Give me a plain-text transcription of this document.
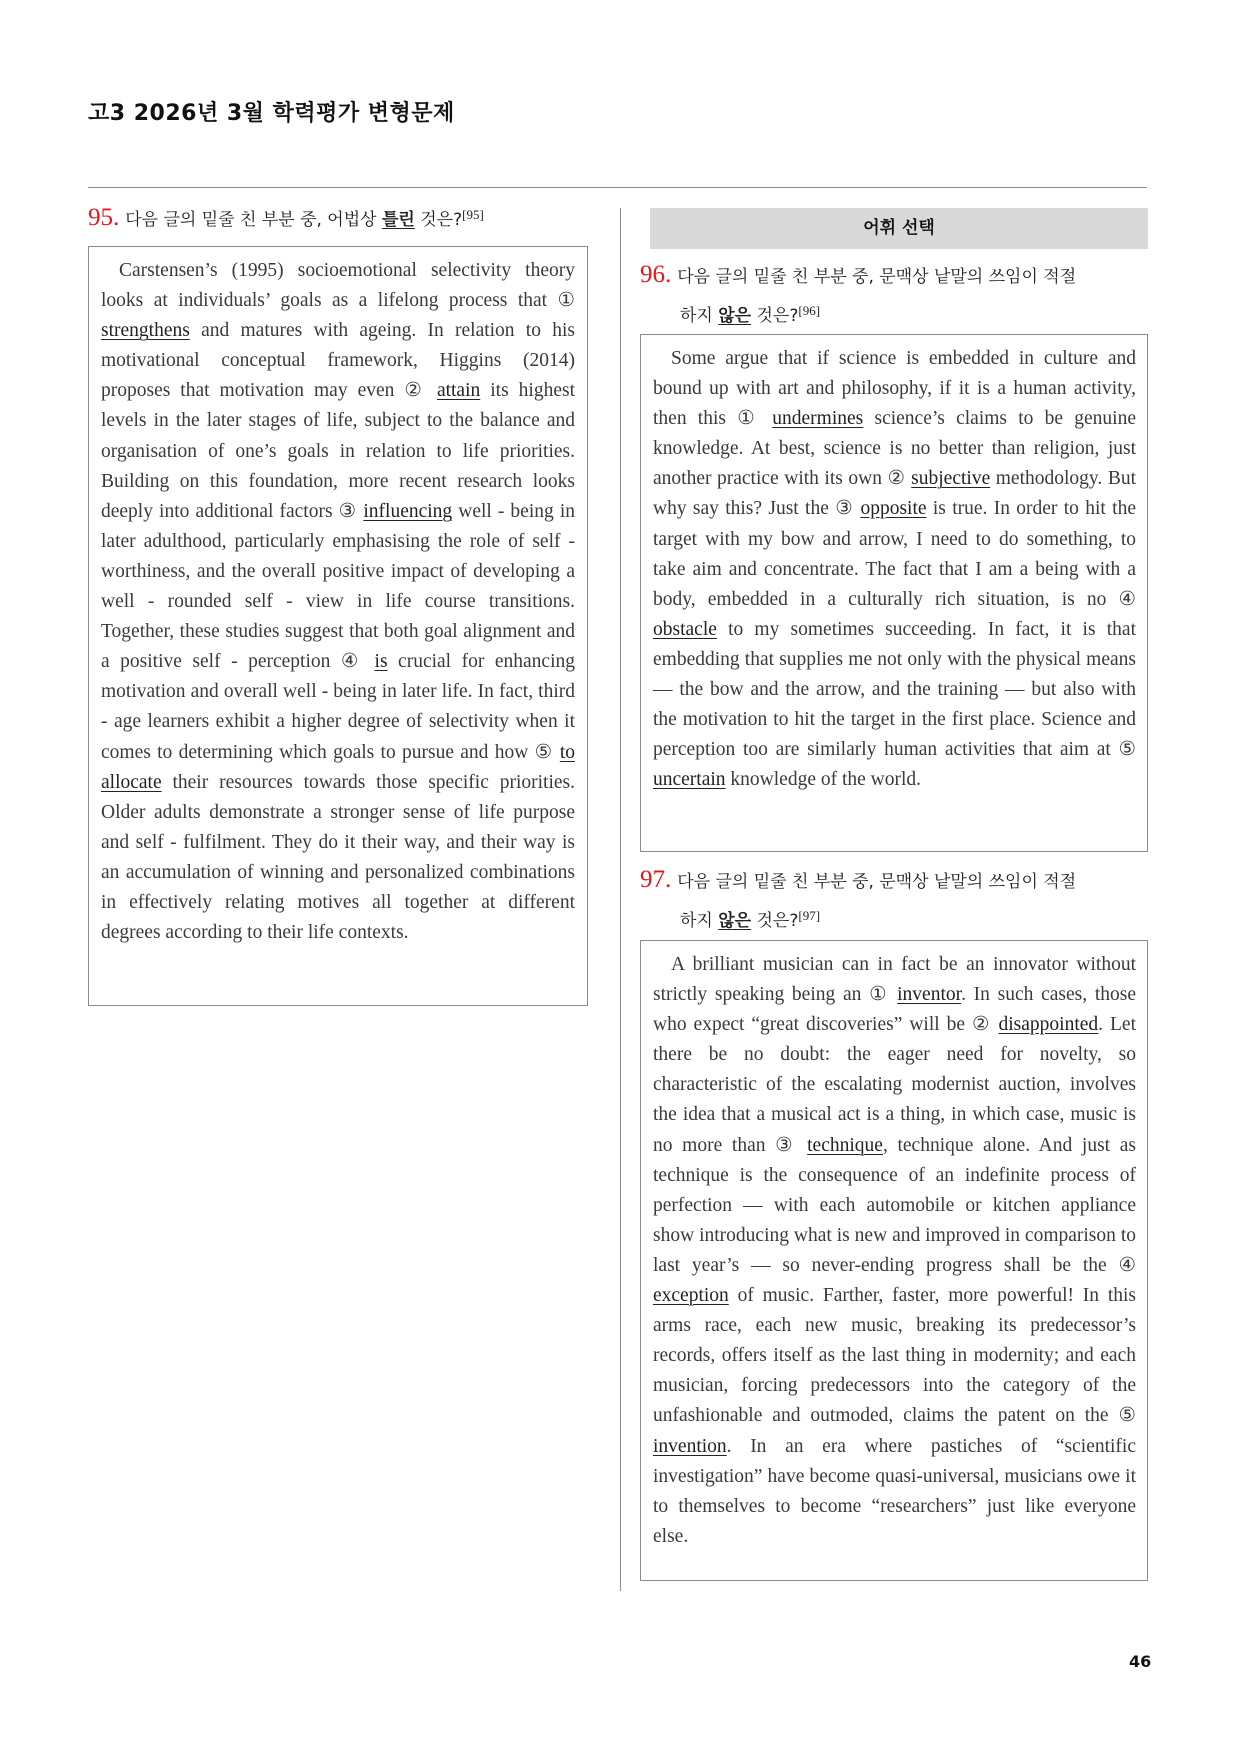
고3 2026년 3월 학력평가 변형문제
95. 다음 글의 밑줄 친 부분 중, 어법상 틀린 것은?[95]

Carstensen’s (1995) socioemotional selectivity theory looks at individuals’ goals as a lifelong process that ① strengthens and matures with ageing. In relation to his motivational conceptual framework, Higgins (2014) proposes that motivation may even ② attain its highest levels in the later stages of life, subject to the balance and organisation of one’s goals in relation to life priorities. Building on this foundation, more recent research looks deeply into additional factors ③ influencing well - being in later adulthood, particularly emphasising the role of self - worthiness, and the overall positive impact of developing a well - rounded self - view in life course transitions. Together, these studies suggest that both goal alignment and a positive self - perception ④ is crucial for enhancing motivation and overall well - being in later life. In fact, third - age learners exhibit a higher degree of selectivity when it comes to determining which goals to pursue and how ⑤ to allocate their resources towards those specific priorities. Older adults demonstrate a stronger sense of life purpose and self - fulfilment. They do it their way, and their way is an accumulation of winning and personalized combinations in effectively relating motives all together at different degrees according to their life contexts.

어휘 선택
96. 다음 글의 밑줄 친 부분 중, 문맥상 낱말의 쓰임이 적절
하지 않은 것은?[96]

Some argue that if science is embedded in culture and bound up with art and philosophy, if it is a human activity, then this ① undermines science’s claims to be genuine knowledge. At best, science is no better than religion, just another practice with its own ② subjective methodology. But why say this? Just the ③ opposite is true. In order to hit the target with my bow and arrow, I need to do something, to take aim and concentrate. The fact that I am a being with a body, embedded in a culturally rich situation, is no ④ obstacle to my sometimes succeeding. In fact, it is that embedding that supplies me not only with the physical means — the bow and the arrow, and the training — but also with the motivation to hit the target in the first place. Science and perception too are similarly human activities that aim at ⑤ uncertain knowledge of the world.

97. 다음 글의 밑줄 친 부분 중, 문맥상 낱말의 쓰임이 적절
하지 않은 것은?[97]

A brilliant musician can in fact be an innovator without strictly speaking being an ① inventor. In such cases, those who expect “great discoveries” will be ② disappointed. Let there be no doubt: the eager need for novelty, so characteristic of the escalating modernist auction, involves the idea that a musical act is a thing, in which case, music is no more than ③ technique, technique alone. And just as technique is the consequence of an indefinite process of perfection — with each automobile or kitchen appliance show introducing what is new and improved in comparison to last year’s — so never-ending progress shall be the ④ exception of music. Farther, faster, more powerful! In this arms race, each new music, breaking its predecessor’s records, offers itself as the last thing in modernity; and each musician, forcing predecessors into the category of the unfashionable and outmoded, claims the patent on the ⑤ invention. In an era where pastiches of “scientific investigation” have become quasi-universal, musicians owe it to themselves to become “researchers” just like everyone else.

46
